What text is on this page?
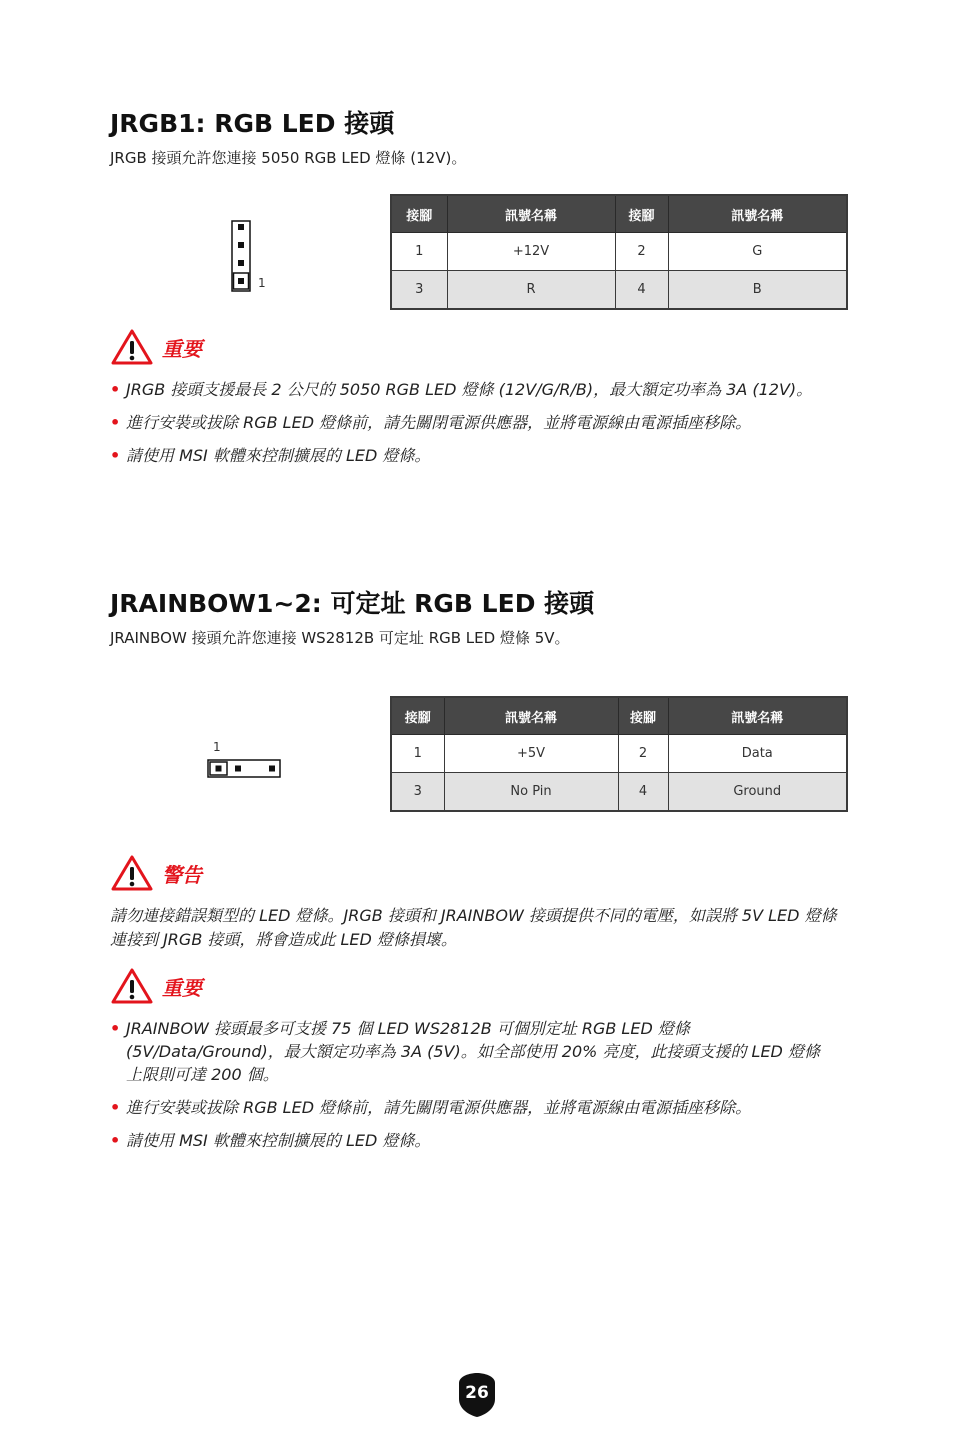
JRGB1: RGB LED 接頭
JRGB 接頭允許您連接 5050 RGB LED 燈條 (12V)。
1
接腳	訊號名稱	接腳	訊號名稱
1	+12V	2	G
3	R	4	B
重要
• JRGB 接頭支援最長 2 公尺的 5050 RGB LED 燈條 (12V/G/R/B)，最大額定功率為 3A (12V)。
• 進行安裝或拔除 RGB LED 燈條前，請先關閉電源供應器，並將電源線由電源插座移除。
• 請使用 MSI 軟體來控制擴展的 LED 燈條。
JRAINBOW1~2: 可定址 RGB LED 接頭
JRAINBOW 接頭允許您連接 WS2812B 可定址 RGB LED 燈條 5V。
1
接腳	訊號名稱	接腳	訊號名稱
1	+5V	2	Data
3	No Pin	4	Ground
警告
請勿連接錯誤類型的 LED 燈條。JRGB 接頭和 JRAINBOW 接頭提供不同的電壓，如誤將 5V LED 燈條連接到 JRGB 接頭，將會造成此 LED 燈條損壞。
重要
• JRAINBOW 接頭最多可支援 75 個 LED WS2812B 可個別定址 RGB LED 燈條 (5V/Data/Ground)，最大額定功率為 3A (5V)。如全部使用 20% 亮度，此接頭支援的 LED 燈條上限則可達 200 個。
• 進行安裝或拔除 RGB LED 燈條前，請先關閉電源供應器，並將電源線由電源插座移除。
• 請使用 MSI 軟體來控制擴展的 LED 燈條。
26
